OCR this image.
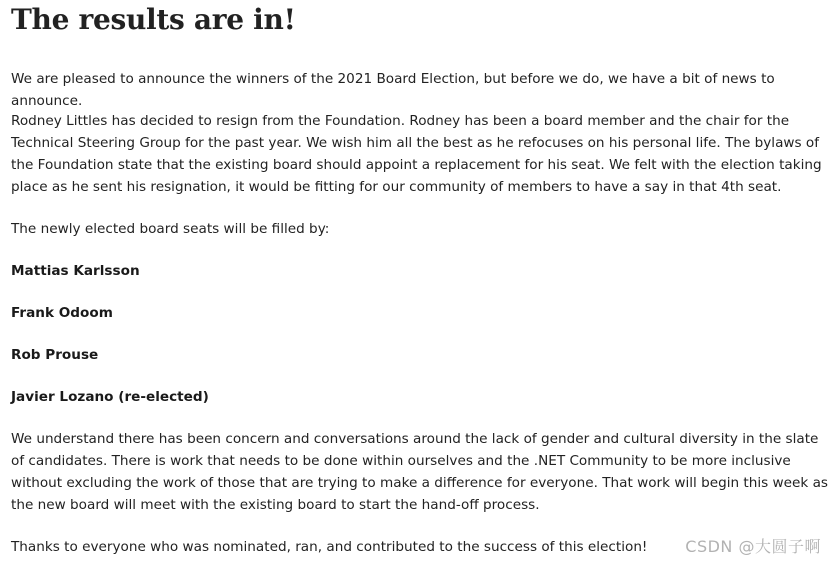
The results are in!

We are pleased to announce the winners of the 2021 Board Election, but before we do, we have a bit of news to announce.

Rodney Littles has decided to resign from the Foundation. Rodney has been a board member and the chair for the Technical Steering Group for the past year. We wish him all the best as he refocuses on his personal life. The bylaws of the Foundation state that the existing board should appoint a replacement for his seat. We felt with the election taking place as he sent his resignation, it would be fitting for our community of members to have a say in that 4th seat.

The newly elected board seats will be filled by:

Mattias Karlsson

Frank Odoom

Rob Prouse

Javier Lozano (re-elected)

We understand there has been concern and conversations around the lack of gender and cultural diversity in the slate of candidates. There is work that needs to be done within ourselves and the .NET Community to be more inclusive without excluding the work of those that are trying to make a difference for everyone. That work will begin this week as the new board will meet with the existing board to start the hand-off process.

Thanks to everyone who was nominated, ran, and contributed to the success of this election! CSDN @大圆子啊
